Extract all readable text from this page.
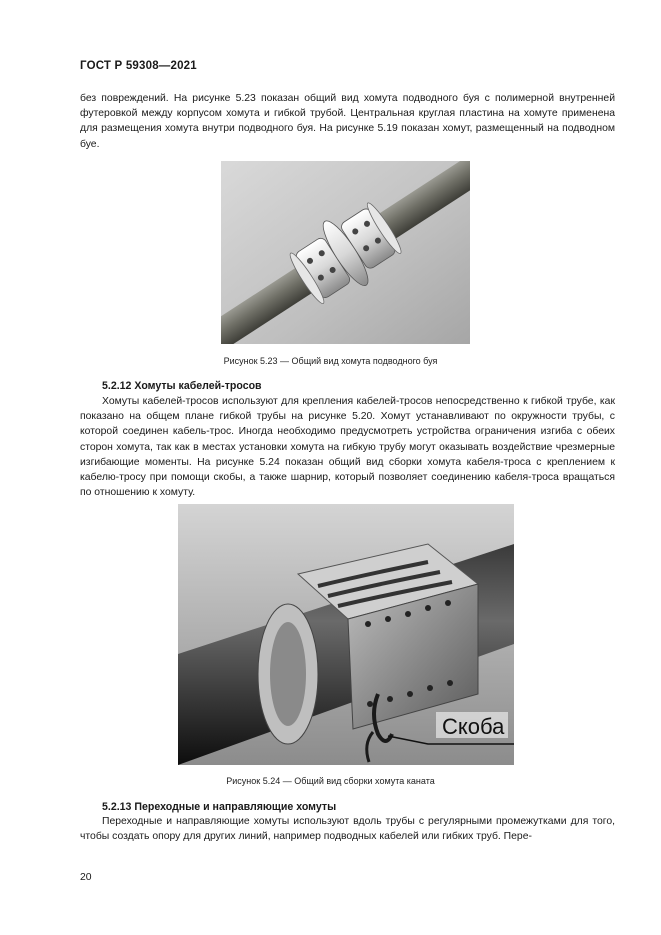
ГОСТ Р 59308—2021

без повреждений. На рисунке 5.23 показан общий вид хомута подводного буя с полимерной внутренней футеровкой между корпусом хомута и гибкой трубой. Центральная круглая пластина на хомуте применена для размещения хомута внутри подводного буя. На рисунке 5.19 показан хомут, размещенный на подводном буе.

Рисунок 5.23 — Общий вид хомута подводного буя
5.2.12 Хомуты кабелей-тросов

Хомуты кабелей-тросов используют для крепления кабелей-тросов непосредственно к гибкой трубе, как показано на общем плане гибкой трубы на рисунке 5.20. Хомут устанавливают по окружности трубы, с которой соединен кабель-трос. Иногда необходимо предусмотреть устройства ограничения изгиба с обеих сторон хомута, так как в местах установки хомута на гибкую трубу могут оказывать воздействие чрезмерные изгибающие моменты. На рисунке 5.24 показан общий вид сборки хомута кабеля-троса с креплением к кабелю-тросу при помощи скобы, а также шарнир, который позволяет соединению кабеля-троса вращаться по отношению к хомуту.

Скоба
Рисунок 5.24 — Общий вид сборки хомута каната
5.2.13 Переходные и направляющие хомуты

Переходные и направляющие хомуты используют вдоль трубы с регулярными промежутками для того, чтобы создать опору для других линий, например подводных кабелей или гибких труб. Пере-

20
